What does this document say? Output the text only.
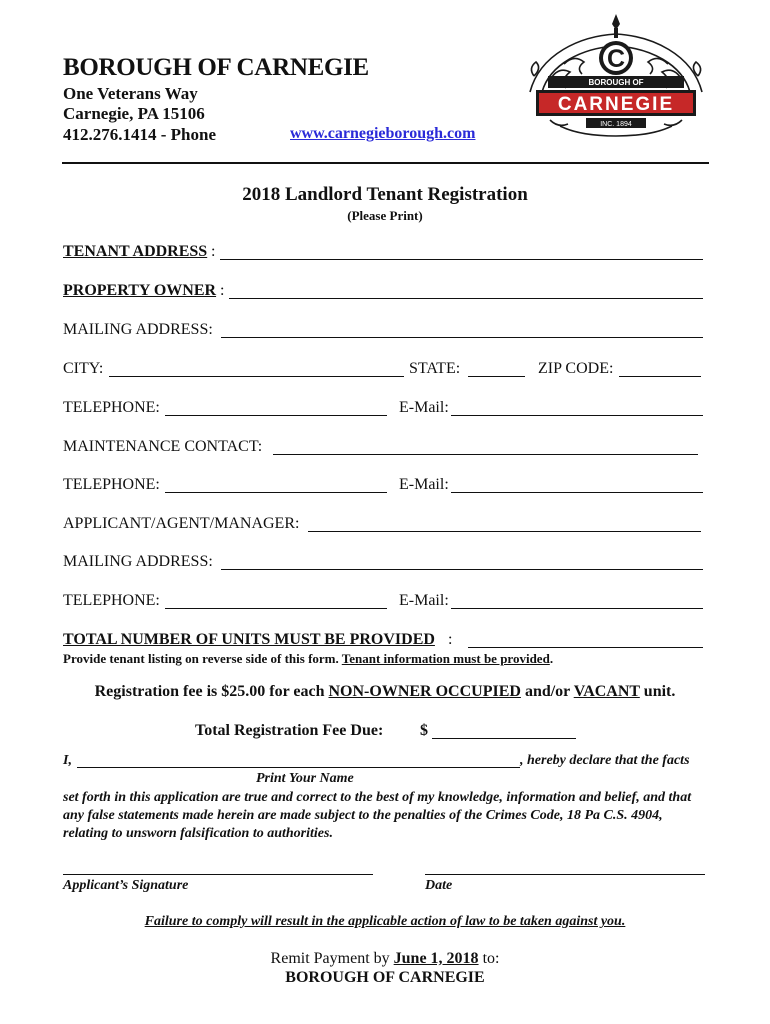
BOROUGH OF CARNEGIE
One Veterans Way
Carnegie, PA 15106
412.276.1414 - Phone	www.carnegieborough.com
C
BOROUGH OF
CARNEGIE
INC. 1894
2018 Landlord Tenant Registration
(Please Print)
TENANT ADDRESS :
PROPERTY OWNER :
MAILING ADDRESS:
CITY:	STATE:	ZIP CODE:
TELEPHONE:	E-Mail:
MAINTENANCE CONTACT:
TELEPHONE:	E-Mail:
APPLICANT/AGENT/MANAGER:
MAILING ADDRESS:
TELEPHONE:	E-Mail:
TOTAL NUMBER OF UNITS MUST BE PROVIDED :
Provide tenant listing on reverse side of this form. Tenant information must be provided.
Registration fee is $25.00 for each NON-OWNER OCCUPIED and/or VACANT unit.
Total Registration Fee Due: $
I,	, hereby declare that the facts
Print Your Name
set forth in this application are true and correct to the best of my knowledge, information and belief, and that any false statements made herein are made subject to the penalties of the Crimes Code, 18 Pa C.S. 4904, relating to unsworn falsification to authorities.
Applicant’s Signature	Date
Failure to comply will result in the applicable action of law to be taken against you.
Remit Payment by June 1, 2018 to:
BOROUGH OF CARNEGIE
